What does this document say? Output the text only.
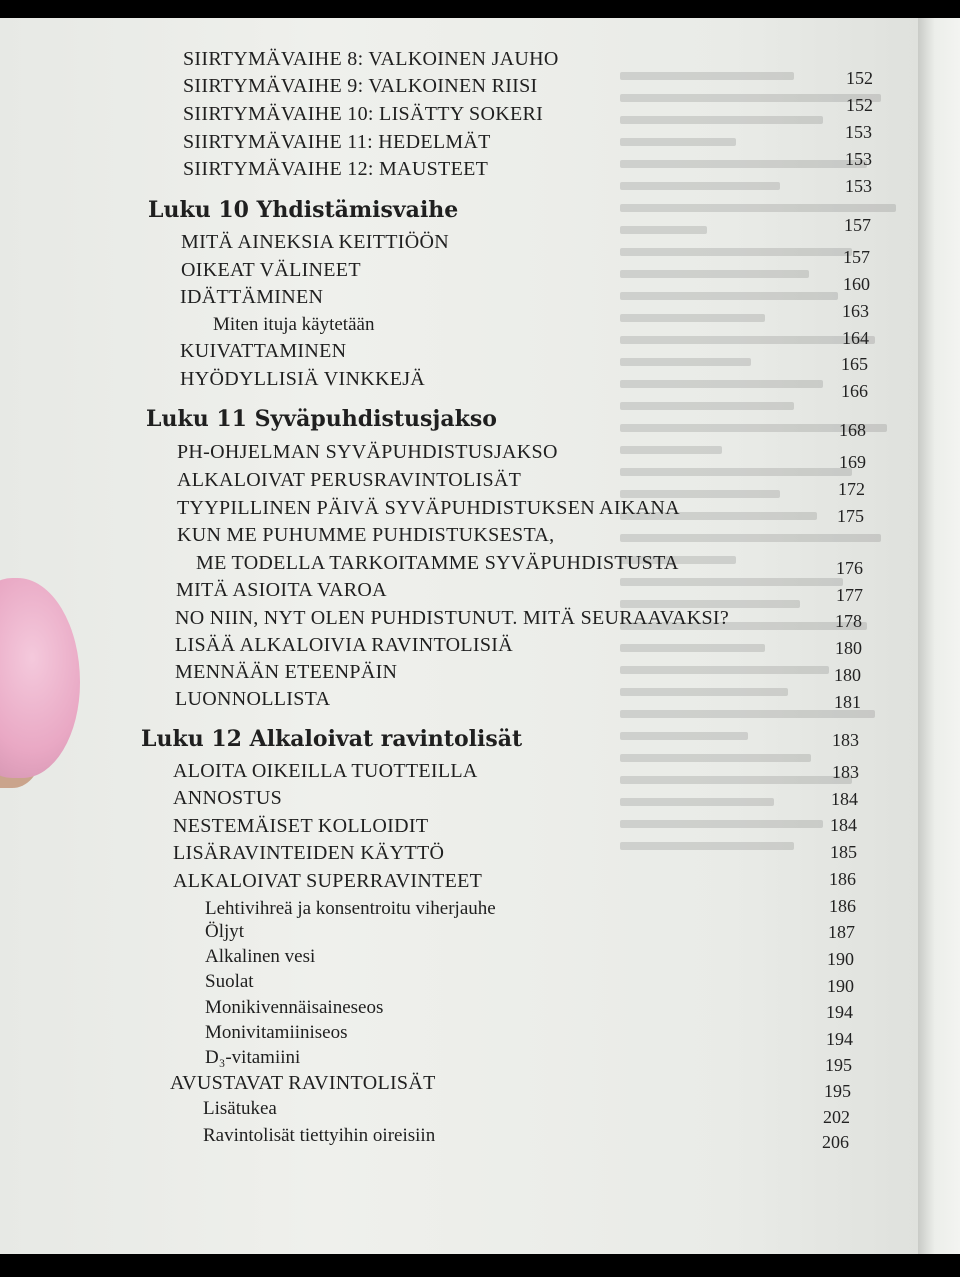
SIIRTYMÄVAIHE 8: VALKOINEN JAUHO
SIIRTYMÄVAIHE 9: VALKOINEN RIISI
SIIRTYMÄVAIHE 10: LISÄTTY SOKERI
SIIRTYMÄVAIHE 11: HEDELMÄT
SIIRTYMÄVAIHE 12: MAUSTEET
Luku 10 Yhdistämisvaihe
MITÄ AINEKSIA KEITTIÖÖN
OIKEAT VÄLINEET
IDÄTTÄMINEN
Miten ituja käytetään
KUIVATTAMINEN
HYÖDYLLISIÄ VINKKEJÄ
Luku 11 Syväpuhdistusjakso
PH-OHJELMAN SYVÄPUHDISTUSJAKSO
ALKALOIVAT PERUSRAVINTOLISÄT
TYYPILLINEN PÄIVÄ SYVÄPUHDISTUKSEN AIKANA
KUN ME PUHUMME PUHDISTUKSESTA,
ME TODELLA TARKOITAMME SYVÄPUHDISTUSTA
MITÄ ASIOITA VAROA
NO NIIN, NYT OLEN PUHDISTUNUT. MITÄ SEURAAVAKSI?
LISÄÄ ALKALOIVIA RAVINTOLISIÄ
MENNÄÄN ETEENPÄIN
LUONNOLLISTA
Luku 12 Alkaloivat ravintolisät
ALOITA OIKEILLA TUOTTEILLA
ANNOSTUS
NESTEMÄISET KOLLOIDIT
LISÄRAVINTEIDEN KÄYTTÖ
ALKALOIVAT SUPERRAVINTEET
Lehtivihreä ja konsentroitu viherjauhe
Öljyt
Alkalinen vesi
Suolat
Monikivennäisaineseos
Monivitamiiniseos
D₃-vitamiini
AVUSTAVAT RAVINTOLISÄT
Lisätukea
Ravintolisät tiettyihin oireisiin
152
152
153
153
153
157
157
160
163
164
165
166
168
169
172
175
176
177
178
180
180
181
183
183
184
184
185
186
186
187
190
190
194
194
195
195
202
206
